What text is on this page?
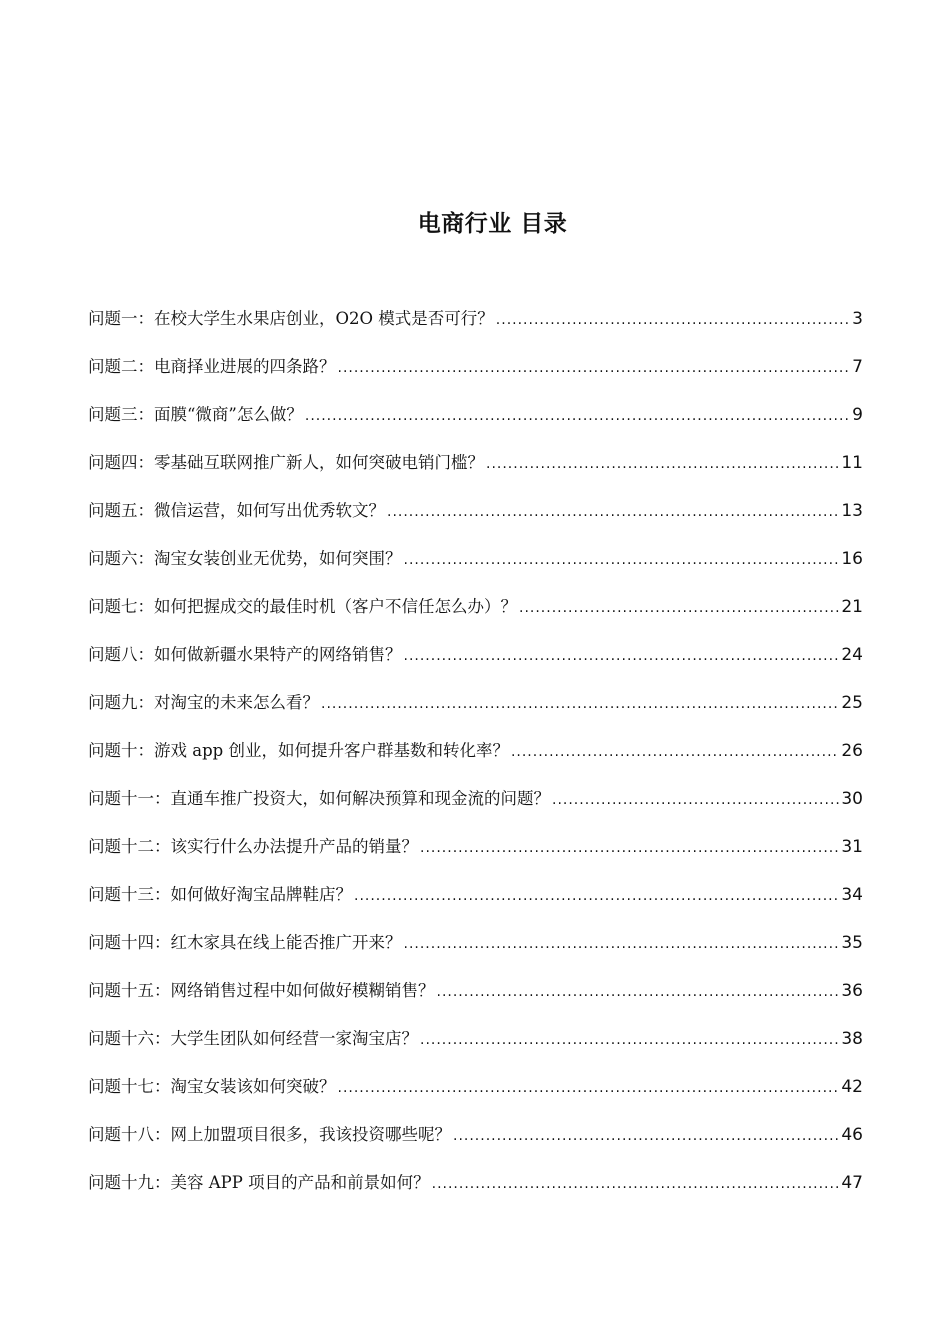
电商行业 目录
问题一：在校大学生水果店创业，O2O 模式是否可行？ .....	3
问题二：电商择业进展的四条路？ .....	7
问题三：面膜“微商”怎么做？ .....	9
问题四：零基础互联网推广新人，如何突破电销门槛？ .....	11
问题五：微信运营，如何写出优秀软文？ .....	13
问题六：淘宝女装创业无优势，如何突围？ .....	16
问题七：如何把握成交的最佳时机（客户不信任怎么办）？ .....	21
问题八：如何做新疆水果特产的网络销售？ .....	24
问题九：对淘宝的未来怎么看？ .....	25
问题十：游戏 app 创业，如何提升客户群基数和转化率？ .....	26
问题十一：直通车推广投资大，如何解决预算和现金流的问题？ .....	30
问题十二：该实行什么办法提升产品的销量？ .....	31
问题十三：如何做好淘宝品牌鞋店？ .....	34
问题十四：红木家具在线上能否推广开来？ .....	35
问题十五：网络销售过程中如何做好模糊销售？ .....	36
问题十六：大学生团队如何经营一家淘宝店？ .....	38
问题十七：淘宝女装该如何突破？ .....	42
问题十八：网上加盟项目很多，我该投资哪些呢？ .....	46
问题十九：美容 APP 项目的产品和前景如何？ .....	47
